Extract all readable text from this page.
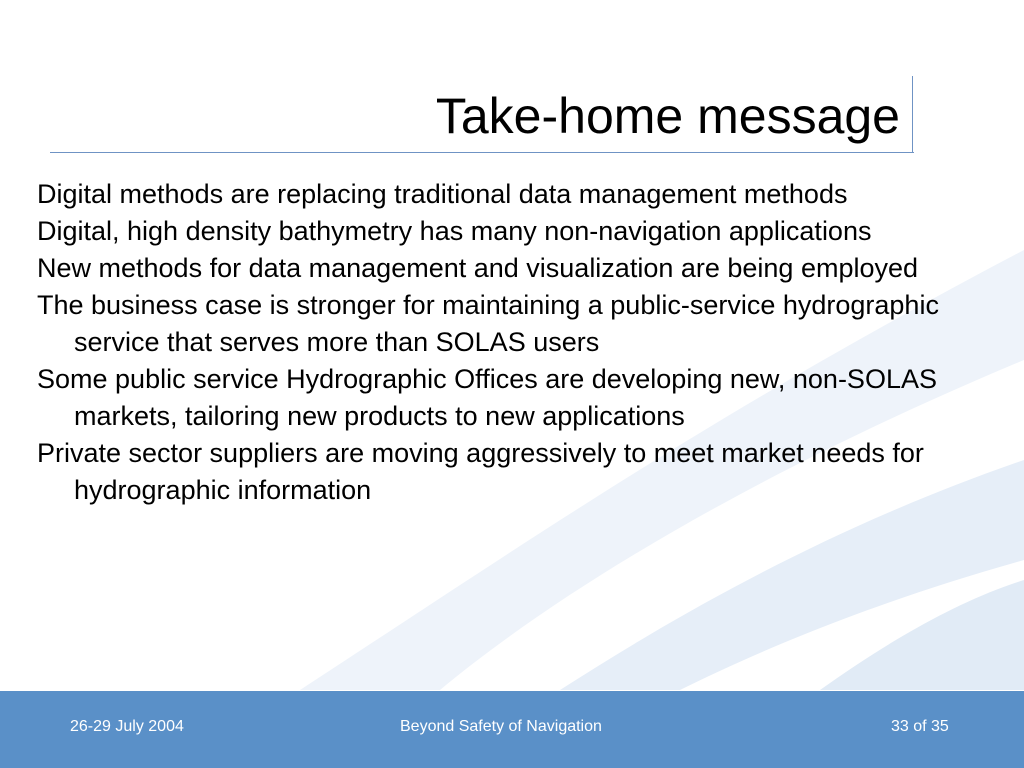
Take-home message
Digital methods are replacing traditional data management methods
Digital, high density bathymetry has many non-navigation applications
New methods for data management and visualization are being employed
The business case is stronger for maintaining a public-service hydrographic service that serves more than SOLAS users
Some public service Hydrographic Offices are developing new, non-SOLAS markets, tailoring new products to new applications
Private sector suppliers are moving aggressively to meet market needs for hydrographic information
26-29 July 2004	Beyond Safety of Navigation	33 of 35
